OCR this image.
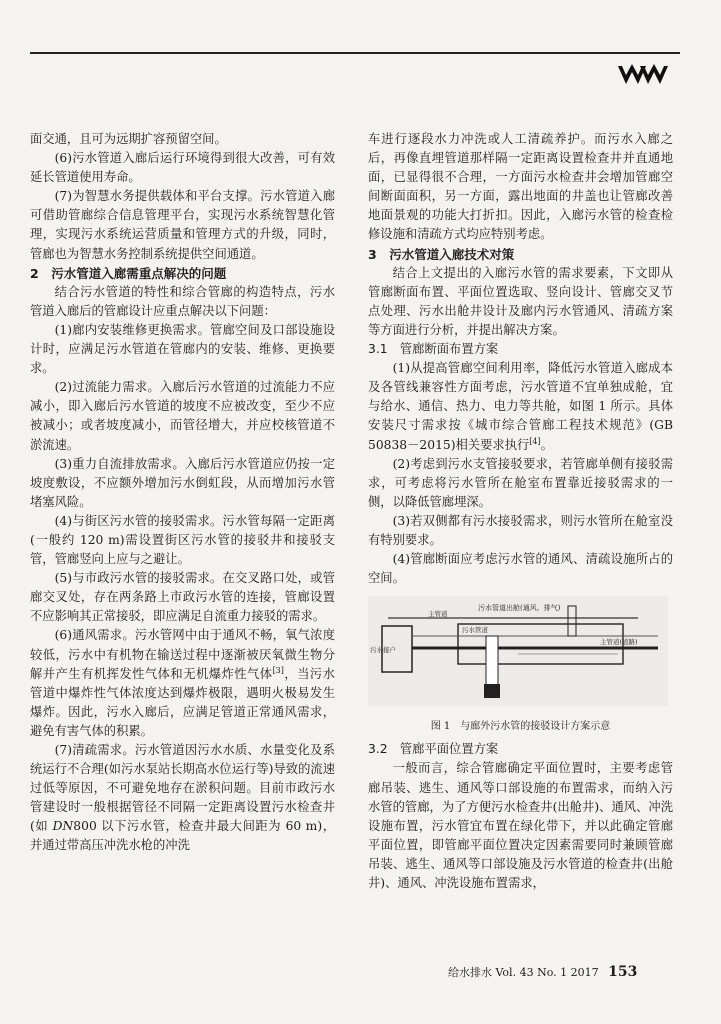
面交通，且可为远期扩容预留空间。

(6)污水管道入廊后运行环境得到很大改善，可有效延长管道使用寿命。

(7)为智慧水务提供载体和平台支撑。污水管道入廊可借助管廊综合信息管理平台，实现污水系统智慧化管理，实现污水系统运营质量和管理方式的升级，同时，管廊也为智慧水务控制系统提供空间通道。

2　污水管道入廊需重点解决的问题

结合污水管道的特性和综合管廊的构造特点，污水管道入廊后的管廊设计应重点解决以下问题：

(1)廊内安装维修更换需求。管廊空间及口部设施设计时，应满足污水管道在管廊内的安装、维修、更换要求。

(2)过流能力需求。入廊后污水管道的过流能力不应减小，即入廊后污水管道的坡度不应被改变，至少不应被减小；或者坡度减小，而管径增大，并应校核管道不淤流速。

(3)重力自流排放需求。入廊后污水管道应仍按一定坡度敷设，不应额外增加污水倒虹段，从而增加污水管堵塞风险。

(4)与街区污水管的接驳需求。污水管每隔一定距离(一般约 120 m)需设置街区污水管的接驳井和接驳支管，管廊竖向上应与之避让。

(5)与市政污水管的接驳需求。在交叉路口处，或管廊交叉处，存在两条路上市政污水管的连接，管廊设置不应影响其正常接驳，即应满足自流重力接驳的需求。

(6)通风需求。污水管网中由于通风不畅，氧气浓度较低，污水中有机物在输送过程中逐渐被厌氧微生物分解并产生有机挥发性气体和无机爆炸性气体[3]，当污水管道中爆炸性气体浓度达到爆炸极限，遇明火极易发生爆炸。因此，污水入廊后，应满足管道正常通风需求，避免有害气体的积累。

(7)清疏需求。污水管道因污水水质、水量变化及系统运行不合理(如污水泵站长期高水位运行等)导致的流速过低等原因，不可避免地存在淤积问题。目前市政污水管建设时一般根据管径不同隔一定距离设置污水检查井(如 DN800 以下污水管，检查井最大间距为 60 m)，并通过带高压冲洗水枪的冲洗

车进行逐段水力冲洗或人工清疏养护。而污水入廊之后，再像直埋管道那样隔一定距离设置检查井并直通地面，已显得很不合理，一方面污水检查井会增加管廊空间断面面积，另一方面，露出地面的井盖也让管廊改善地面景观的功能大打折扣。因此，入廊污水管的检查检修设施和清疏方式均应特别考虑。

3　污水管道入廊技术对策

结合上文提出的入廊污水管的需求要素，下文即从管廊断面布置、平面位置选取、竖向设计、管廊交叉节点处理、污水出舱井设计及廊内污水管通风、清疏方案等方面进行分析，并提出解决方案。

3.1　管廊断面布置方案

(1)从提高管廊空间利用率，降低污水管道入廊成本及各管线兼容性方面考虑，污水管道不宜单独成舱，宜与给水、通信、热力、电力等共舱，如图 1 所示。具体安装尺寸需求按《城市综合管廊工程技术规范》(GB 50838－2015)相关要求执行[4]。

(2)考虑到污水支管接驳要求，若管廊单侧有接驳需求，可考虑将污水管所在舱室布置靠近接驳需求的一侧，以降低管廊埋深。

(3)若双侧都有污水接驳需求，则污水管所在舱室没有特别要求。

(4)管廊断面应考虑污水管的通风、清疏设施所占的空间。

污水管道出舱(通风、排气)
污水管道
主管道
污水接户
主管道(道路)
图 1　与廊外污水管的接驳设计方案示意
3.2　管廊平面位置方案

一般而言，综合管廊确定平面位置时，主要考虑管廊吊装、逃生、通风等口部设施的布置需求，而纳入污水管的管廊，为了方便污水检查井(出舱井)、通风、冲洗设施布置，污水管宜布置在绿化带下，并以此确定管廊平面位置，即管廊平面位置决定因素需要同时兼顾管廊吊装、逃生、通风等口部设施及污水管道的检查井(出舱井)、通风、冲洗设施布置需求，

给水排水 Vol. 43 No. 1 2017 153
